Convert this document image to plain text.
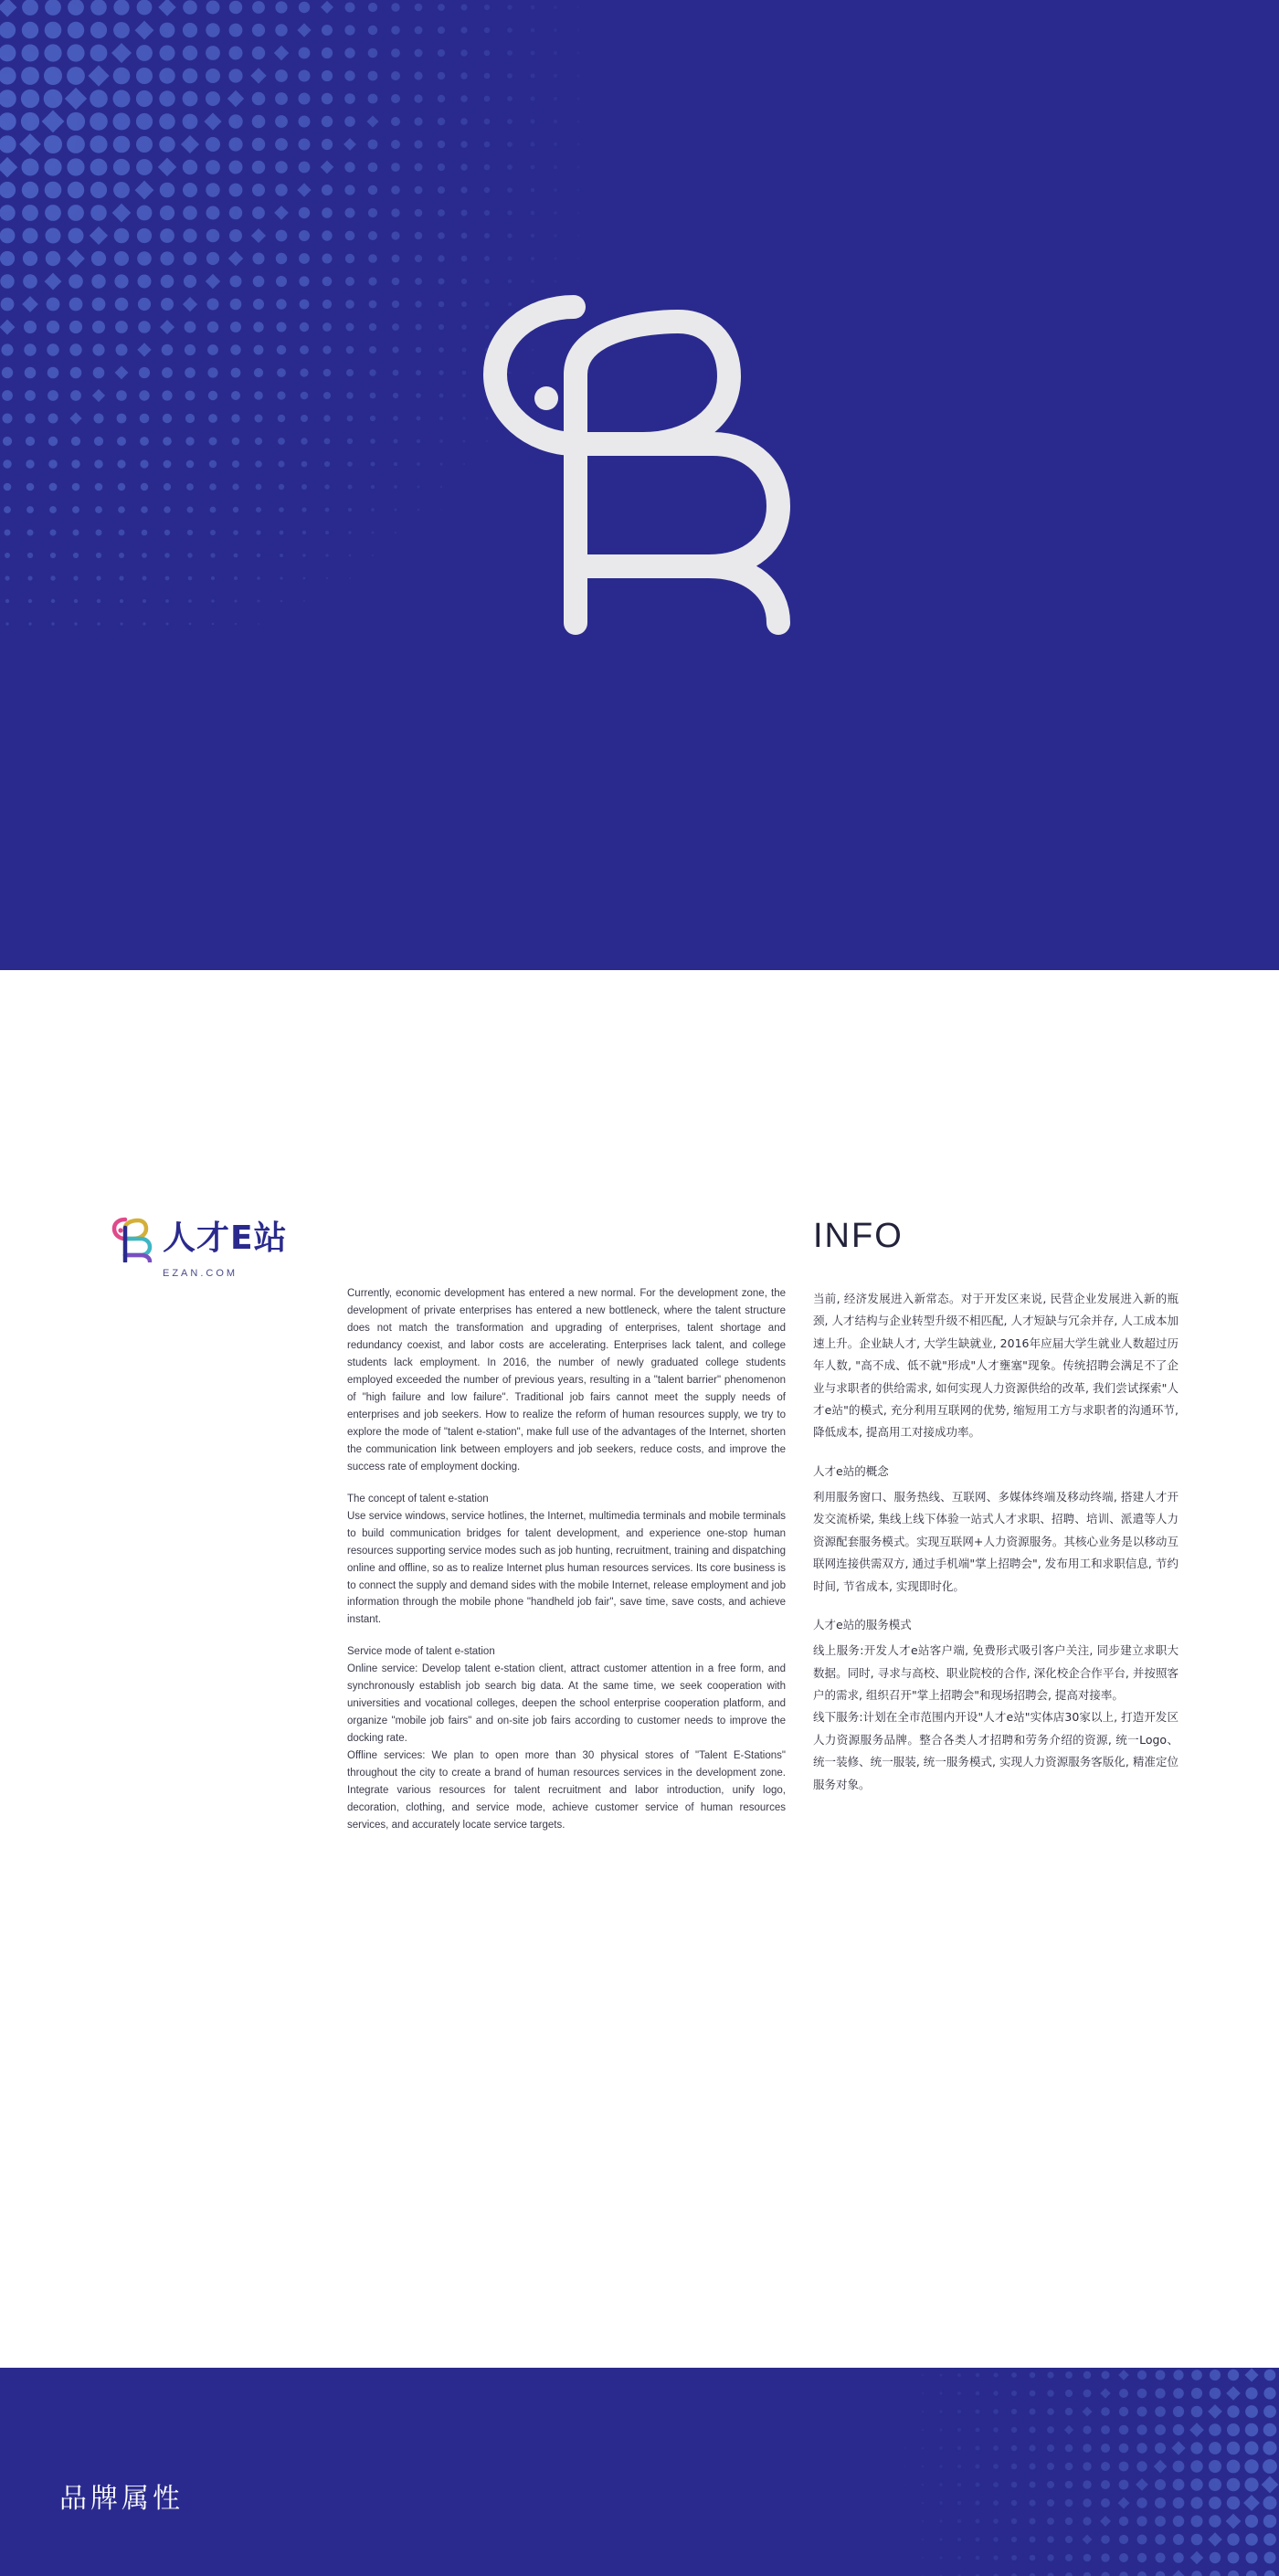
人才E站
EZAN.COM

Currently, economic development has entered a new normal. For the development zone, the development of private enterprises has entered a new bottleneck, where the talent structure does not match the transformation and upgrading of enterprises, talent shortage and redundancy coexist, and labor costs are accelerating. Enterprises lack talent, and college students lack employment. In 2016, the number of newly graduated college students employed exceeded the number of previous years, resulting in a "talent barrier" phenomenon of "high failure and low failure". Traditional job fairs cannot meet the supply needs of enterprises and job seekers. How to realize the reform of human resources supply, we try to explore the mode of "talent e-station", make full use of the advantages of the Internet, shorten the communication link between employers and job seekers, reduce costs, and improve the success rate of employment docking.

The concept of talent e-station

Use service windows, service hotlines, the Internet, multimedia terminals and mobile terminals to build communication bridges for talent development, and experience one-stop human resources supporting service modes such as job hunting, recruitment, training and dispatching online and offline, so as to realize Internet plus human resources services. Its core business is to connect the supply and demand sides with the mobile Internet, release employment and job information through the mobile phone "handheld job fair", save time, save costs, and achieve instant.

Service mode of talent e-station

Online service: Develop talent e-station client, attract customer attention in a free form, and synchronously establish job search big data. At the same time, we seek cooperation with universities and vocational colleges, deepen the school enterprise cooperation platform, and organize "mobile job fairs" and on-site job fairs according to customer needs to improve the docking rate.

Offline services: We plan to open more than 30 physical stores of "Talent E-Stations" throughout the city to create a brand of human resources services in the development zone. Integrate various resources for talent recruitment and labor introduction, unify logo, decoration, clothing, and service mode, achieve customer service of human resources services, and accurately locate service targets.

INFO

当前, 经济发展进入新常态。对于开发区来说, 民营企业发展进入新的瓶颈, 人才结构与企业转型升级不相匹配, 人才短缺与冗余并存, 人工成本加速上升。企业缺人才, 大学生缺就业, 2016年应届大学生就业人数超过历年人数, "高不成、低不就"形成"人才壅塞"现象。传统招聘会满足不了企业与求职者的供给需求, 如何实现人力资源供给的改革, 我们尝试探索"人才e站"的模式, 充分利用互联网的优势, 缩短用工方与求职者的沟通环节, 降低成本, 提高用工对接成功率。

人才e站的概念

利用服务窗口、服务热线、互联网、多媒体终端及移动终端, 搭建人才开发交流桥梁, 集线上线下体验一站式人才求职、招聘、培训、派遣等人力资源配套服务模式。实现互联网+人力资源服务。其核心业务是以移动互联网连接供需双方, 通过手机端"掌上招聘会", 发布用工和求职信息, 节约时间, 节省成本, 实现即时化。

人才e站的服务模式

线上服务:开发人才e站客户端, 免费形式吸引客户关注, 同步建立求职大数据。同时, 寻求与高校、职业院校的合作, 深化校企合作平台, 并按照客户的需求, 组织召开"掌上招聘会"和现场招聘会, 提高对接率。

线下服务:计划在全市范围内开设"人才e站"实体店30家以上, 打造开发区人力资源服务品牌。整合各类人才招聘和劳务介绍的资源, 统一Logo、统一装修、统一服装, 统一服务模式, 实现人力资源服务客版化, 精准定位服务对象。

品牌属性
